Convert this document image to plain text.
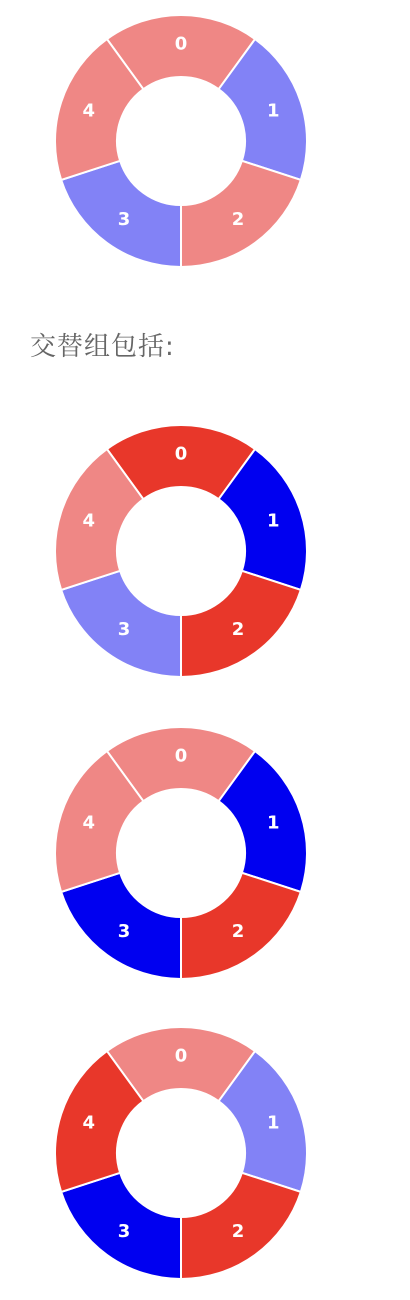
0
1
2
3
4
交替组包括:
0
1
2
3
4
0
1
2
3
4
0
1
2
3
4
